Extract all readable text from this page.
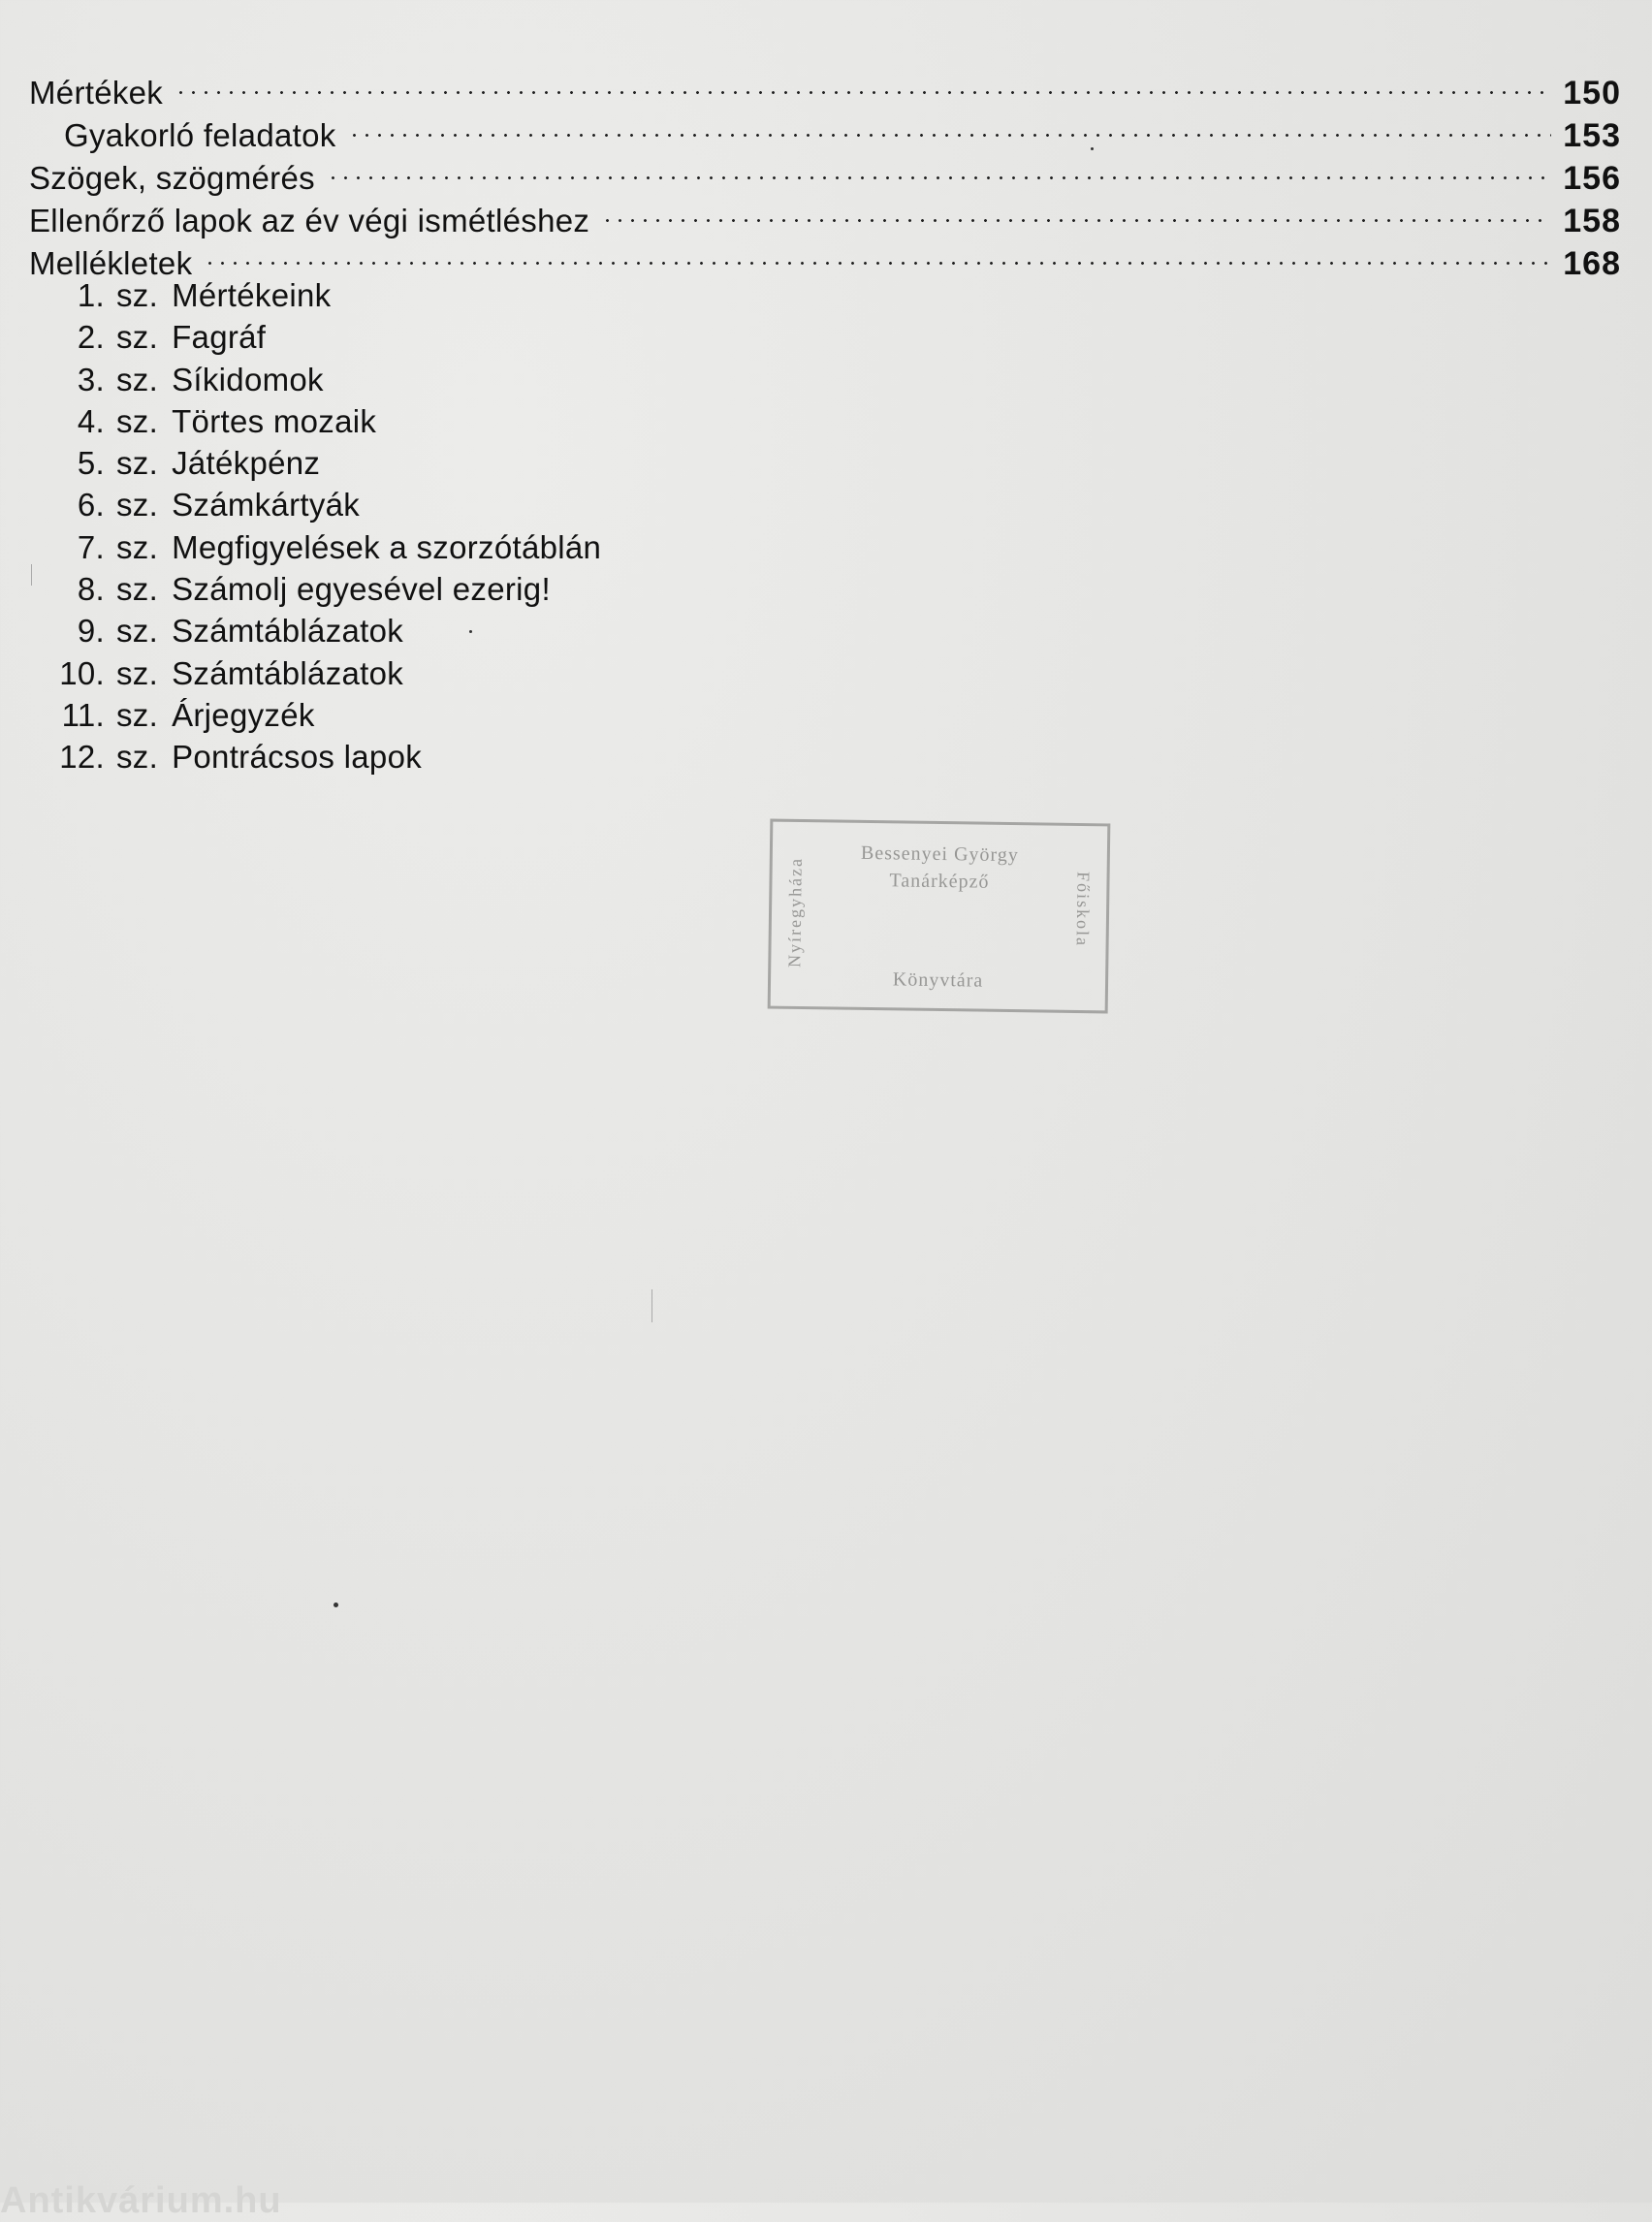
Mértékek	150
Gyakorló feladatok	153
Szögek, szögmérés	156
Ellenőrző lapok az év végi ismétléshez	158
Mellékletek	168
1. sz. Mértékeink
2. sz. Fagráf
3. sz. Síkidomok
4. sz. Törtes mozaik
5. sz. Játékpénz
6. sz. Számkártyák
7. sz. Megfigyelések a szorzótáblán
8. sz. Számolj egyesével ezerig!
9. sz. Számtáblázatok
10. sz. Számtáblázatok
11. sz. Árjegyzék
12. sz. Pontrácsos lapok
Bessenyei György
Tanárképző
Nyíregyháza	Főiskola
Könyvtára
Antikvárium.hu
